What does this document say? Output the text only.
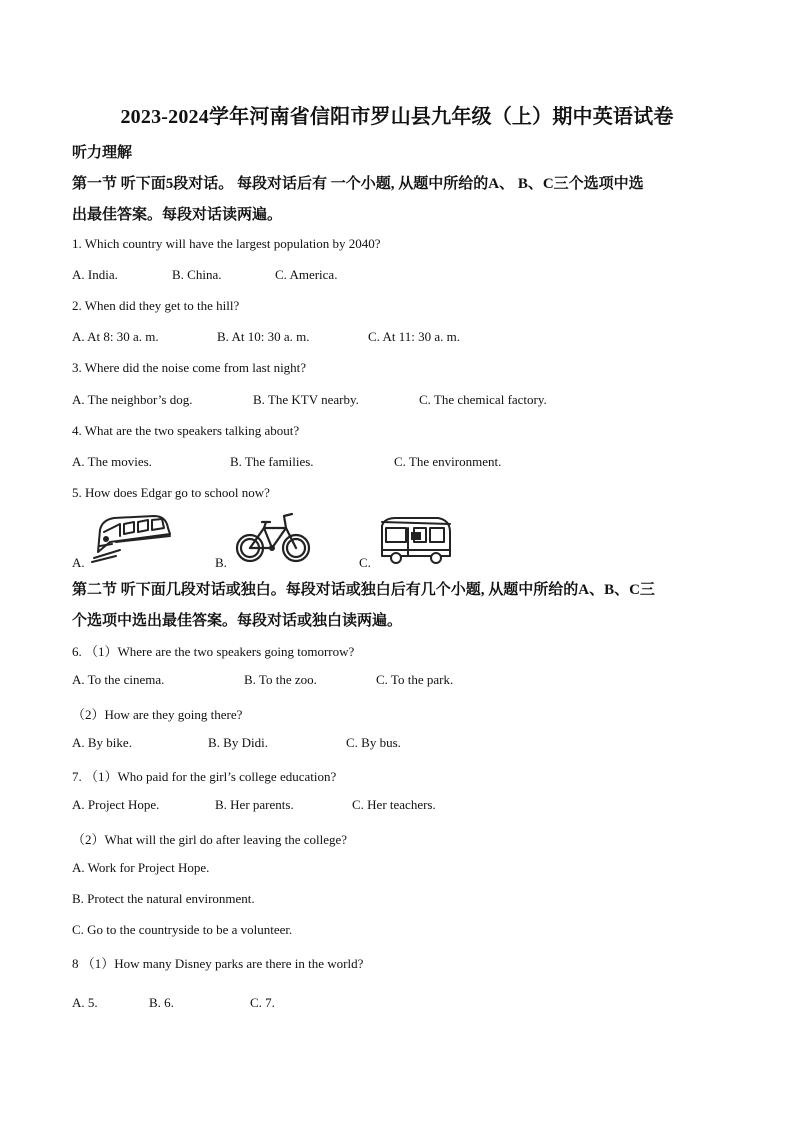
2023-2024学年河南省信阳市罗山县九年级（上）期中英语试卷
听力理解
第一节 听下面5段对话。 每段对话后有 一个小题, 从题中所给的A、 B、C三个选项中选
出最佳答案。每段对话读两遍。
1. Which country will have the largest population by 2040?
A. India.	B. China.	C. America.
2. When did they get to the hill?
A. At 8: 30 a. m.	B. At 10: 30 a. m.	C. At 11: 30 a. m.
3. Where did the noise come from last night?
A. The neighbor’s dog.	B. The KTV nearby.	C. The chemical factory.
4. What are the two speakers talking about?
A. The movies.	B. The families.	C. The environment.
5. How does Edgar go to school now?
A.	B.	C.
第二节 听下面几段对话或独白。每段对话或独白后有几个小题, 从题中所给的A、B、C三
个选项中选出最佳答案。每段对话或独白读两遍。
6. （1）Where are the two speakers going tomorrow?
A. To the cinema.	B. To the zoo.	C. To the park.
（2）How are they going there?
A. By bike.	B. By Didi.	C. By bus.
7. （1）Who paid for the girl’s college education?
A. Project Hope.	B. Her parents.	C. Her teachers.
（2）What will the girl do after leaving the college?
A. Work for Project Hope.
B. Protect the natural environment.
C. Go to the countryside to be a volunteer.
8 （1）How many Disney parks are there in the world?
A. 5.	B. 6.	C. 7.
